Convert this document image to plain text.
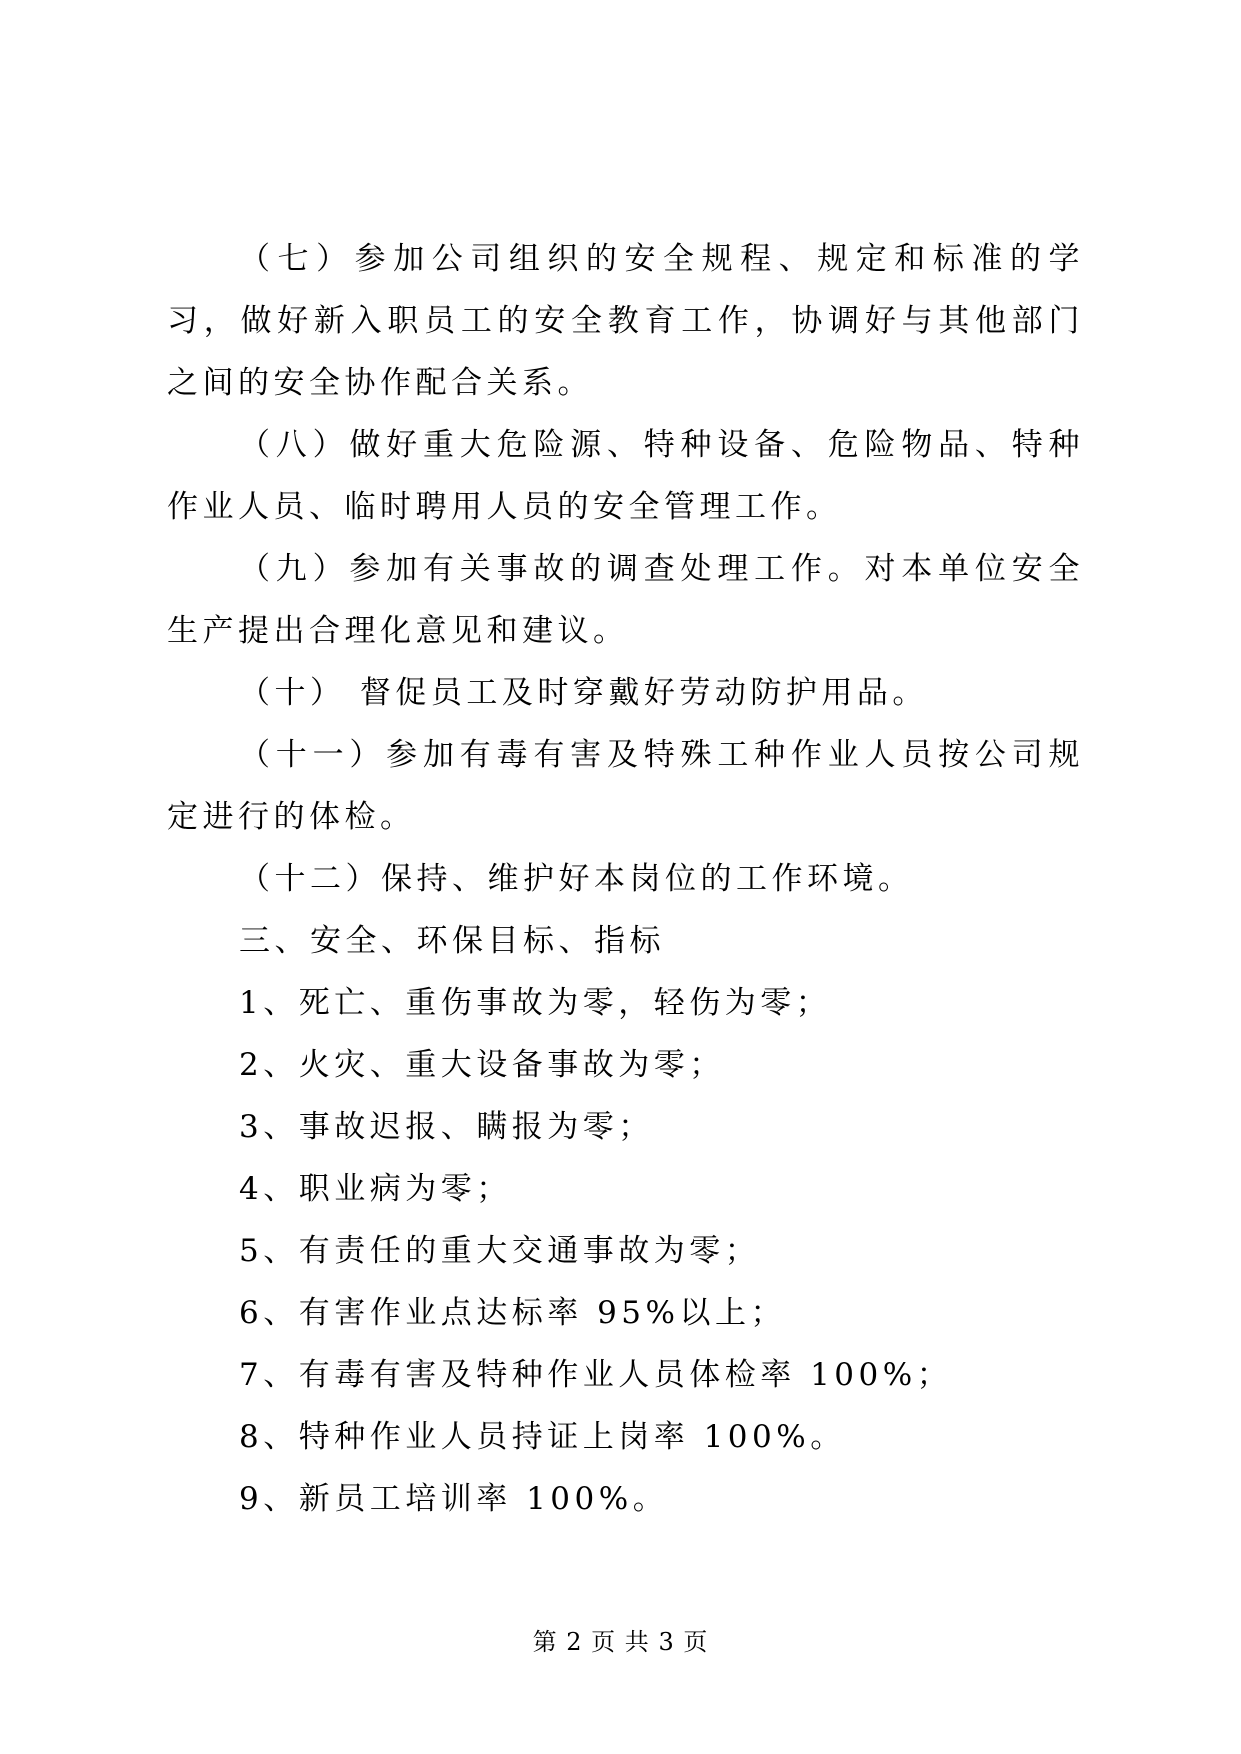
（七）参加公司组织的安全规程、规定和标准的学习，做好新入职员工的安全教育工作，协调好与其他部门之间的安全协作配合关系。

（八）做好重大危险源、特种设备、危险物品、特种作业人员、临时聘用人员的安全管理工作。

（九）参加有关事故的调查处理工作。对本单位安全生产提出合理化意见和建议。

（十） 督促员工及时穿戴好劳动防护用品。

（十一）参加有毒有害及特殊工种作业人员按公司规定进行的体检。

（十二）保持、维护好本岗位的工作环境。

三、安全、环保目标、指标

1、死亡、重伤事故为零，轻伤为零；

2、火灾、重大设备事故为零；

3、事故迟报、瞒报为零；

4、职业病为零；

5、有责任的重大交通事故为零；

6、有害作业点达标率 95%以上；

7、有毒有害及特种作业人员体检率 100%；

8、特种作业人员持证上岗率 100%。

9、新员工培训率 100%。

第 2 页 共 3 页
